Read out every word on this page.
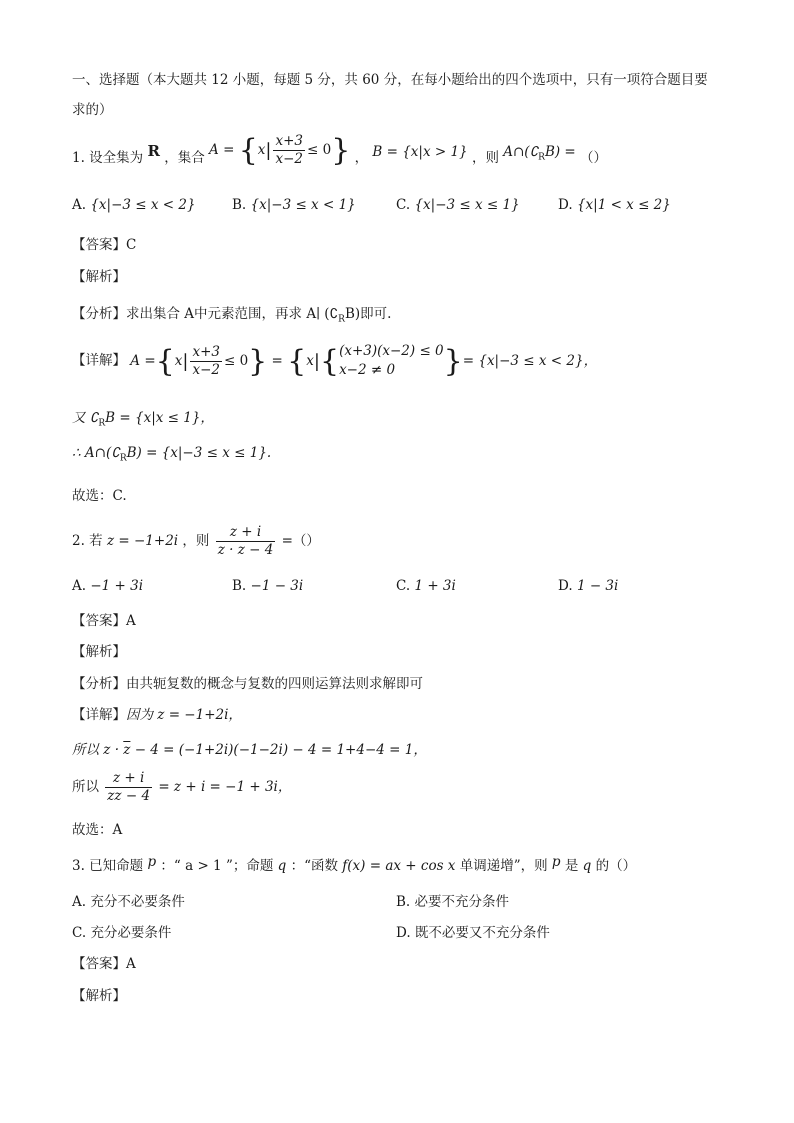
一、选择题（本大题共 12 小题，每题 5 分，共 60 分，在每小题给出的四个选项中，只有一项符合题目要
求的）
1. 设全集为 R ，集合 $A = \{x| \frac{x+3}{x-2} \le 0\}$ ， B = {x|x > 1} ，则 $A\cap(∁_RB)$ = （）
A. {x|−3 ≤ x < 2}	B. {x|−3 ≤ x < 1}	C. {x|−3 ≤ x ≤ 1}	D. {x|1 < x ≤ 2}
【答案】C
【解析】
【分析】求出集合 A中元素范围，再求 A∣ $(∁_RB)$即可.
【详解】 $A =\{x| \frac{x+3}{x-2} \le 0\} = \{x|${ (x+3)(x−2) ≤ 0
x−2 ≠ 0	}= {x|−3 ≤ x < 2}，
又 $∁_RB = \{x|x \le 1\}$，
∴ $A\cap(∁_RB) = \{x|-3 \le x \le 1\}$.
故选：C.
2. 若 z = −1+2i ，则 $\frac{z + i}{z \cdot \overline{z} - 4}$ =（）
A. −1 + 3i	B. −1 − 3i	C. 1 + 3i	D. 1 − 3i
【答案】A
【解析】
【分析】由共轭复数的概念与复数的四则运算法则求解即可
【详解】因为 z = −1+2i，
所以 $z \cdot \overline{z} - 4 = (-1+2i)(-1-2i) - 4 = 1+4-4 = 1$，
所以 $\frac{z + i}{z\overline{z} - 4} = z + i = -1 + 3i$，
故选：A
3. 已知命题 p ：“ a > 1 ”；命题 q ：“函数 f(x) = ax + cos x 单调递增”，则 p 是 q 的（）
A. 充分不必要条件	B. 必要不充分条件
C. 充分必要条件	D. 既不必要又不充分条件
【答案】A
【解析】
